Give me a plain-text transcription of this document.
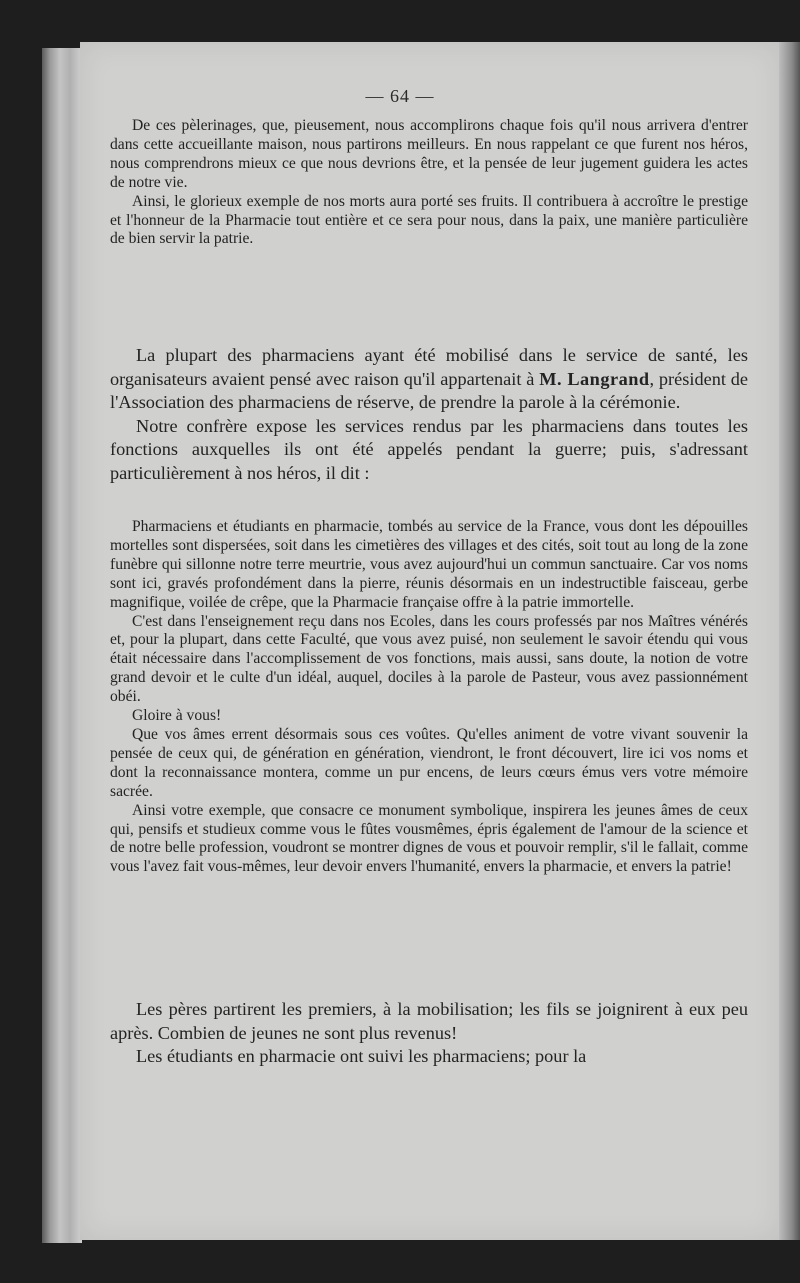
— 64 —

De ces pèlerinages, que, pieusement, nous accomplirons chaque fois qu'il nous arrivera d'entrer dans cette accueillante maison, nous partirons meilleurs. En nous rappelant ce que furent nos héros, nous comprendrons mieux ce que nous devrions être, et la pensée de leur jugement guidera les actes de notre vie.

Ainsi, le glorieux exemple de nos morts aura porté ses fruits. Il contribuera à accroître le prestige et l'honneur de la Pharmacie tout entière et ce sera pour nous, dans la paix, une manière particulière de bien servir la patrie.

La plupart des pharmaciens ayant été mobilisé dans le service de santé, les organisateurs avaient pensé avec raison qu'il appartenait à M. Langrand, président de l'Association des pharmaciens de réserve, de prendre la parole à la cérémonie.

Notre confrère expose les services rendus par les pharmaciens dans toutes les fonctions auxquelles ils ont été appelés pendant la guerre; puis, s'adressant particulièrement à nos héros, il dit :

Pharmaciens et étudiants en pharmacie, tombés au service de la France, vous dont les dépouilles mortelles sont dispersées, soit dans les cimetières des villages et des cités, soit tout au long de la zone funèbre qui sillonne notre terre meurtrie, vous avez aujourd'hui un commun sanctuaire. Car vos noms sont ici, gravés profondément dans la pierre, réunis désormais en un indestructible faisceau, gerbe magnifique, voilée de crêpe, que la Pharmacie française offre à la patrie immortelle.

C'est dans l'enseignement reçu dans nos Ecoles, dans les cours professés par nos Maîtres vénérés et, pour la plupart, dans cette Faculté, que vous avez puisé, non seulement le savoir étendu qui vous était nécessaire dans l'accomplissement de vos fonctions, mais aussi, sans doute, la notion de votre grand devoir et le culte d'un idéal, auquel, dociles à la parole de Pasteur, vous avez passionnément obéi.

Gloire à vous!

Que vos âmes errent désormais sous ces voûtes. Qu'elles animent de votre vivant souvenir la pensée de ceux qui, de génération en génération, viendront, le front découvert, lire ici vos noms et dont la reconnaissance montera, comme un pur encens, de leurs cœurs émus vers votre mémoire sacrée.

Ainsi votre exemple, que consacre ce monument symbolique, inspirera les jeunes âmes de ceux qui, pensifs et studieux comme vous le fûtes vousmêmes, épris également de l'amour de la science et de notre belle profession, voudront se montrer dignes de vous et pouvoir remplir, s'il le fallait, comme vous l'avez fait vous-mêmes, leur devoir envers l'humanité, envers la pharmacie, et envers la patrie!

Les pères partirent les premiers, à la mobilisation; les fils se joignirent à eux peu après. Combien de jeunes ne sont plus revenus!

Les étudiants en pharmacie ont suivi les pharmaciens; pour la
